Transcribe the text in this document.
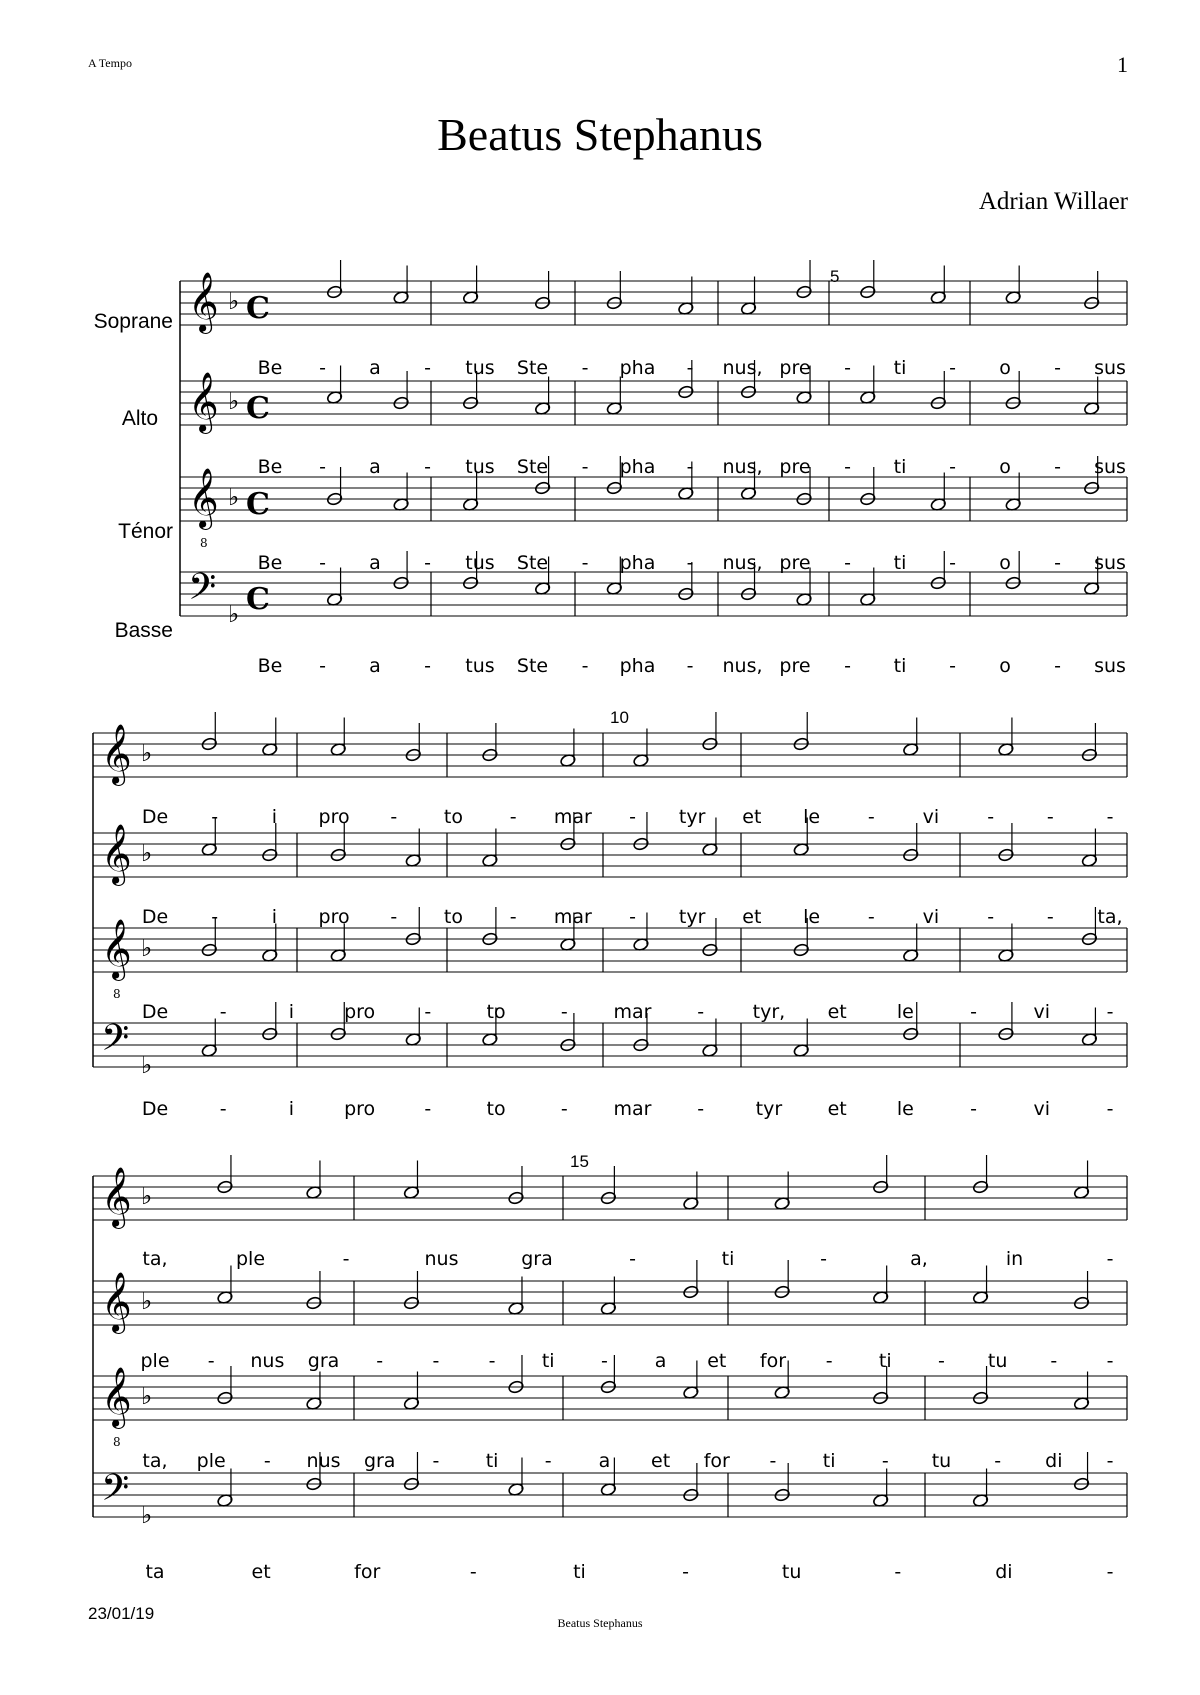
A Tempo	1
Beatus Stephanus
Adrian Willaer
5
Soprane
Alto
Ténor
Basse
𝄞 ♭ C
𝄞 ♭ C
𝄞
8
♭ C
𝄢 ♭ C
10
𝄞 ♭
𝄞 ♭
𝄞
8
♭
𝄢 ♭
15
𝄞 ♭
𝄞 ♭
𝄞
8
♭
𝄢 ♭
Be - a - tus Ste - pha - nus, pre - ti - o - sus
Be - a - tus Ste - pha - nus, pre - ti - o - sus
Be - a - tus Ste - pha - nus, pre - ti - o - sus
Be - a - tus Ste - pha - nus, pre - ti - o - sus
De -	i pro - to - mar - tyr et le	-	vi	-	-	-
De -	i pro - to - mar - tyr et le	-	vi	-	- ta,
De	-	i	pro	-	to	- mar -	tyr, et	le	-	vi	-
De	-	i	pro	-	to	- mar -	tyr et	le	-	vi	-
ta,	ple	-	nus	gra	-	ti	-	a,	in	-
ple - nus gra -	-	- ti - a et for - ti - tu -	-
ta, ple - nus gra - ti - a et for - ti - tu - di -
ta	et	for	-	ti	-	tu	-	di	-
23/01/19	Beatus Stephanus
